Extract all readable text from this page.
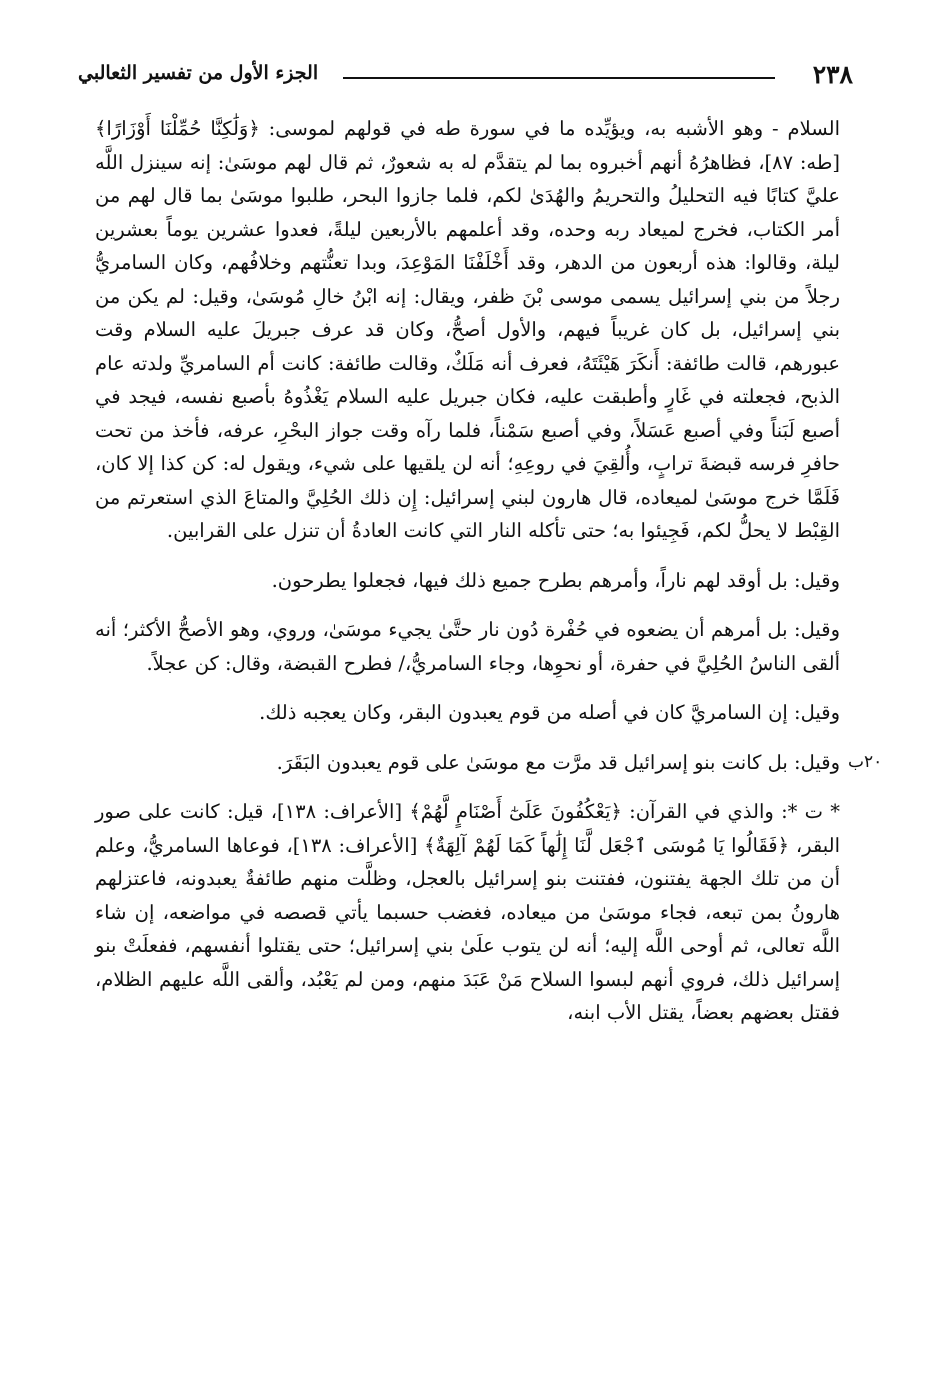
٢٣٨
الجزء الأول من تفسير الثعالبي
٢٠ب

السلام - وهو الأشبه به، ويؤيِّده ما في سورة طه في قولهم لموسى: ﴿وَلَٰكِنَّا حُمِّلْنَا أَوْزَارًا﴾ [طه: ٨٧]، فظاهرُهُ أنهم أخبروه بما لم يتقدَّم له به شعورٌ، ثم قال لهم موسَىٰ: إنه سينزل اللَّه عليَّ كتابًا فيه التحليلُ والتحريمُ والهُدَىٰ لكم، فلما جازوا البحر، طلبوا موسَىٰ بما قال لهم من أمر الكتاب، فخرج لميعاد ربه وحده، وقد أعلمهم بالأربعين ليلةً، فعدوا عشرين يوماً بعشرين ليلة، وقالوا: هذه أربعون من الدهر، وقد أَخْلَفْنَا المَوْعِدَ، وبدا تعنُّتهم وخلافُهم، وكان السامريُّ رجلاً من بني إسرائيل يسمى موسى بْنَ ظفر، ويقال: إنه ابْنُ خالِ مُوسَىٰ، وقيل: لم يكن من بني إسرائيل، بل كان غريباً فيهم، والأول أصحُّ، وكان قد عرف جبريلَ عليه السلام وقت عبورهم، قالت طائفة: أَنكَرَ هَيْئَتَهُ، فعرف أنه مَلَكٌ، وقالت طائفة: كانت أم السامريِّ ولدته عام الذبح، فجعلته في غَارٍ وأطبقت عليه، فكان جبريل عليه السلام يَغْذُوهُ بأصبع نفسه، فيجد في أصبع لَبَناً وفي أصبع عَسَلاً، وفي أصبع سَمْناً، فلما رآه وقت جواز البحْرِ، عرفه، فأخذ من تحت حافرِ فرسه قبضةَ ترابٍ، وأُلقِيَ في روعِهِ؛ أنه لن يلقيها على شيء، ويقول له: كن كذا إلا كان، فَلَمَّا خرج موسَىٰ لميعاده، قال هارون لبني إسرائيل: إِن ذلك الحُلِيَّ والمتاعَ الذي استعرتم من القِبْط لا يحلُّ لكم، فَجِيئوا به؛ حتى تأكله النار التي كانت العادةُ أن تنزل على القرابين.

وقيل: بل أوقد لهم ناراً، وأمرهم بطرح جميع ذلك فيها، فجعلوا يطرحون.

وقيل: بل أمرهم أن يضعوه في حُفْرة دُون نار حتَّىٰ يجيء موسَىٰ، وروي، وهو الأصحُّ الأكثر؛ أنه ألقى الناسُ الحُلِيَّ في حفرة، أو نحوِها، وجاء السامريُّ،/ فطرح القبضة، وقال: كن عجلاً.

وقيل: إن السامريَّ كان في أصله من قوم يعبدون البقر، وكان يعجبه ذلك.

وقيل: بل كانت بنو إسرائيل قد مرَّت مع موسَىٰ على قوم يعبدون البَقَرَ.

* ت *: والذي في القرآن: ﴿يَعْكُفُونَ عَلَىٰٓ أَصْنَامٍ لَّهُمْ﴾ [الأعراف: ١٣٨]، قيل: كانت على صور البقر، ﴿فَقَالُوا يَا مُوسَى ٱجْعَل لَّنَا إِلَٰهاً كَمَا لَهُمْ آلِهَةٌ﴾ [الأعراف: ١٣٨]، فوعاها السامريُّ، وعلم أن من تلك الجهة يفتنون، ففتنت بنو إسرائيل بالعجل، وظلَّت منهم طائفةٌ يعبدونه، فاعتزلهم هارونُ بمن تبعه، فجاء موسَىٰ من ميعاده، فغضب حسبما يأتي قصصه في مواضعه، إن شاء اللَّه تعالى، ثم أوحى اللَّه إليه؛ أنه لن يتوب علَىٰ بني إسرائيل؛ حتى يقتلوا أنفسهم، ففعلَتْ بنو إسرائيل ذلك، فروي أنهم لبسوا السلاح مَنْ عَبَدَ منهم، ومن لم يَعْبُد، وألقى اللَّه عليهم الظلام، فقتل بعضهم بعضاً، يقتل الأب ابنه،
